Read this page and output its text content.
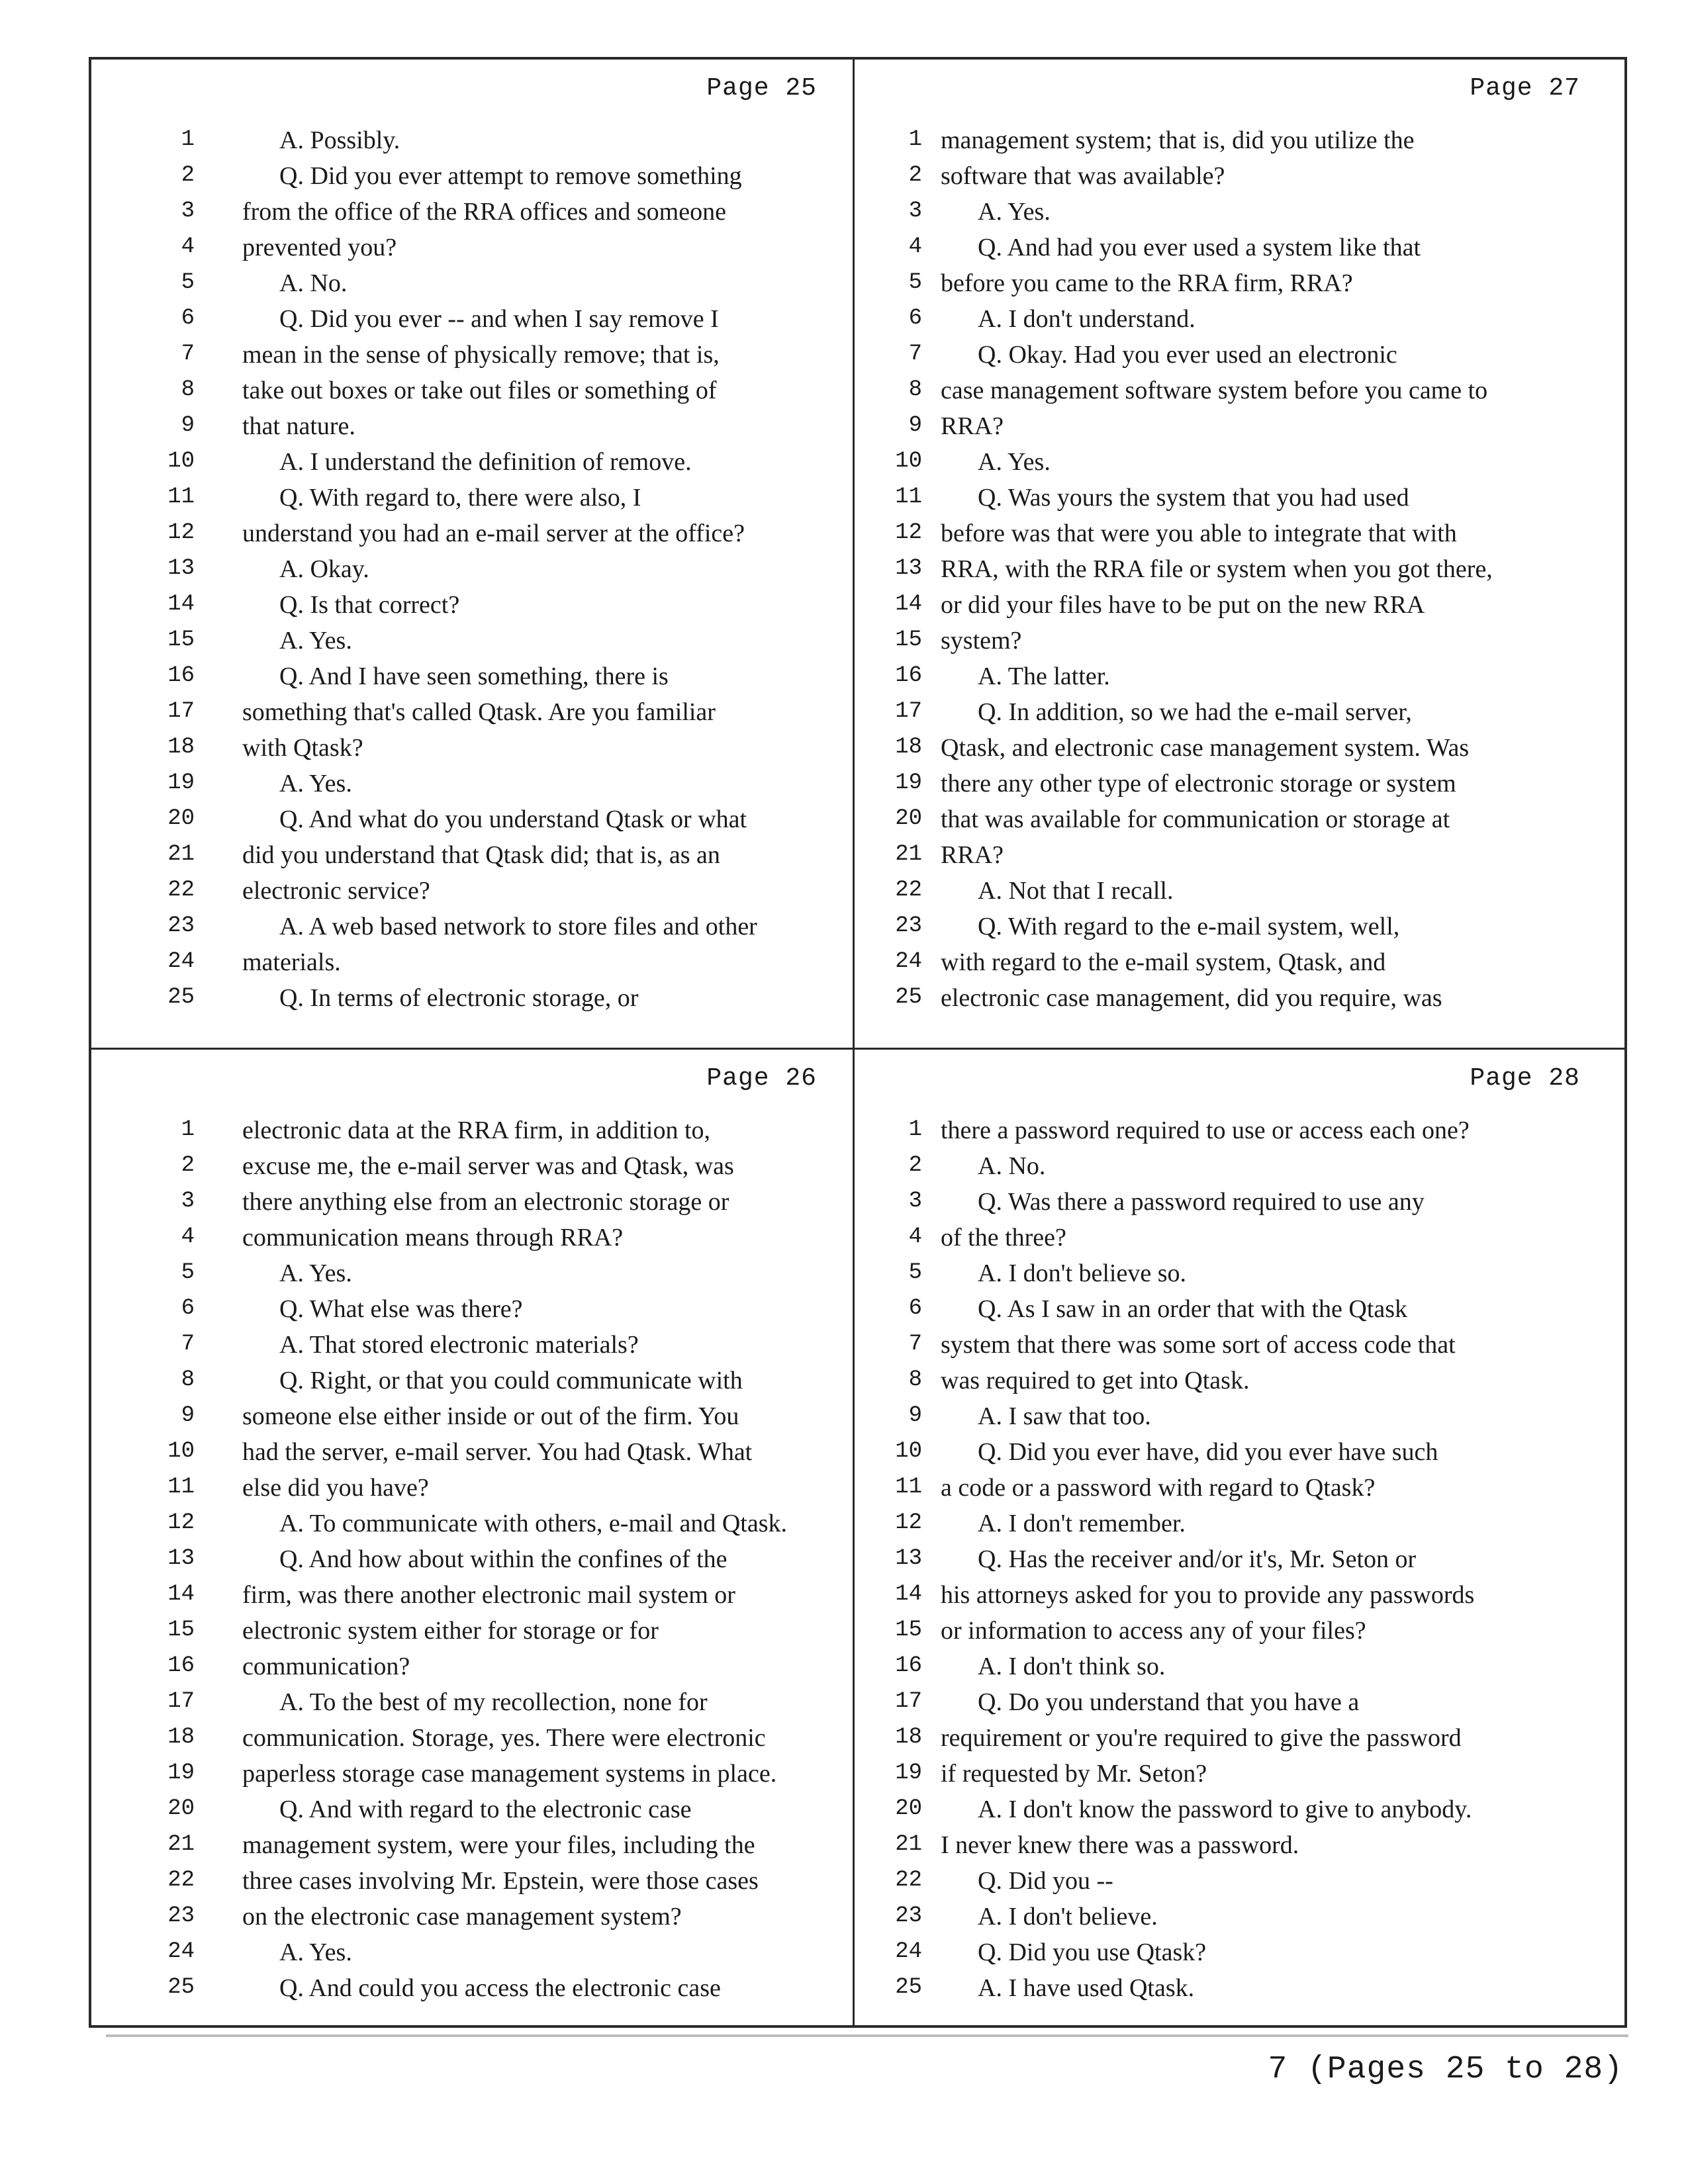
Page 25
1	A. Possibly.
2	Q. Did you ever attempt to remove something
3 from the office of the RRA offices and someone
4 prevented you?
5	A. No.
6	Q. Did you ever -- and when I say remove I
7 mean in the sense of physically remove; that is,
8 take out boxes or take out files or something of
9 that nature.
10	A. I understand the definition of remove.
11	Q. With regard to, there were also, I
12 understand you had an e-mail server at the office?
13	A. Okay.
14	Q. Is that correct?
15	A. Yes.
16	Q. And I have seen something, there is
17 something that's called Qtask. Are you familiar
18 with Qtask?
19	A. Yes.
20	Q. And what do you understand Qtask or what
21 did you understand that Qtask did; that is, as an
22 electronic service?
23	A. A web based network to store files and other
24 materials.
25	Q. In terms of electronic storage, or
Page 27
1 management system; that is, did you utilize the
2 software that was available?
3	A. Yes.
4	Q. And had you ever used a system like that
5 before you came to the RRA firm, RRA?
6	A. I don't understand.
7	Q. Okay. Had you ever used an electronic
8 case management software system before you came to
9 RRA?
10	A. Yes.
11	Q. Was yours the system that you had used
12 before was that were you able to integrate that with
13 RRA, with the RRA file or system when you got there,
14 or did your files have to be put on the new RRA
15 system?
16	A. The latter.
17	Q. In addition, so we had the e-mail server,
18 Qtask, and electronic case management system. Was
19 there any other type of electronic storage or system
20 that was available for communication or storage at
21 RRA?
22	A. Not that I recall.
23	Q. With regard to the e-mail system, well,
24 with regard to the e-mail system, Qtask, and
25 electronic case management, did you require, was
Page 26
1 electronic data at the RRA firm, in addition to,
2 excuse me, the e-mail server was and Qtask, was
3 there anything else from an electronic storage or
4 communication means through RRA?
5	A. Yes.
6	Q. What else was there?
7	A. That stored electronic materials?
8	Q. Right, or that you could communicate with
9 someone else either inside or out of the firm. You
10 had the server, e-mail server. You had Qtask. What
11 else did you have?
12	A. To communicate with others, e-mail and Qtask.
13	Q. And how about within the confines of the
14 firm, was there another electronic mail system or
15 electronic system either for storage or for
16 communication?
17	A. To the best of my recollection, none for
18 communication. Storage, yes. There were electronic
19 paperless storage case management systems in place.
20	Q. And with regard to the electronic case
21 management system, were your files, including the
22 three cases involving Mr. Epstein, were those cases
23 on the electronic case management system?
24	A. Yes.
25	Q. And could you access the electronic case
Page 28
1 there a password required to use or access each one?
2	A. No.
3	Q. Was there a password required to use any
4 of the three?
5	A. I don't believe so.
6	Q. As I saw in an order that with the Qtask
7 system that there was some sort of access code that
8 was required to get into Qtask.
9	A. I saw that too.
10	Q. Did you ever have, did you ever have such
11 a code or a password with regard to Qtask?
12	A. I don't remember.
13	Q. Has the receiver and/or it's, Mr. Seton or
14 his attorneys asked for you to provide any passwords
15 or information to access any of your files?
16	A. I don't think so.
17	Q. Do you understand that you have a
18 requirement or you're required to give the password
19 if requested by Mr. Seton?
20	A. I don't know the password to give to anybody.
21 I never knew there was a password.
22	Q. Did you --
23	A. I don't believe.
24	Q. Did you use Qtask?
25	A. I have used Qtask.
7 (Pages 25 to 28)
